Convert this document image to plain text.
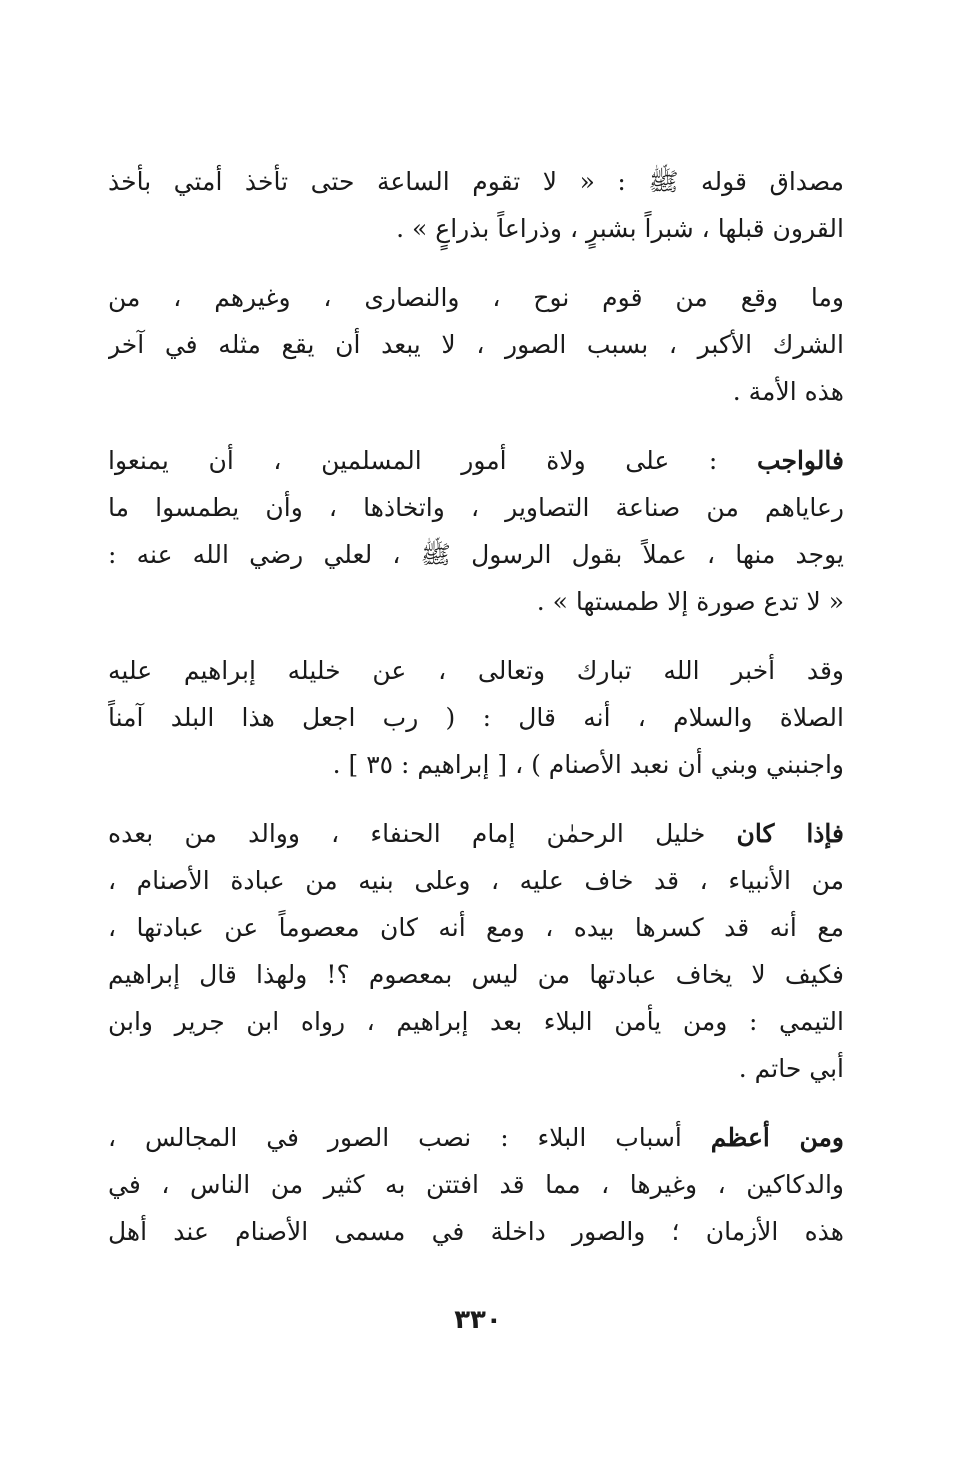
مصداق قوله ﷺ : « لا تقوم الساعة حتى تأخذ أمتي بأخذ
القرون قبلها ، شبراً بشبرٍ ، وذراعاً بذراعٍ » .

وما وقع من قوم نوح ، والنصارى ، وغيرهم ، من
الشرك الأكبر ، بسبب الصور ، لا يبعد أن يقع مثله في آخر
هذه الأمة .

فالواجب : على ولاة أمور المسلمين ، أن يمنعوا
رعاياهم من صناعة التصاوير ، واتخاذها ، وأن يطمسوا ما
يوجد منها ، عملاً بقول الرسول ﷺ ، لعلي رضي الله عنه :
« لا تدع صورة إلا طمستها » .

وقد أخبر الله تبارك وتعالى ، عن خليله إبراهيم عليه
الصلاة والسلام ، أنه قال : ( رب اجعل هذا البلد آمناً
واجنبني وبني أن نعبد الأصنام ) ، [ إبراهيم : ٣٥ ] .

فإذا كان خليل الرحمٰن إمام الحنفاء ، ووالد من بعده
من الأنبياء ، قد خاف عليه ، وعلى بنيه من عبادة الأصنام ،
مع أنه قد كسرها بيده ، ومع أنه كان معصوماً عن عبادتها ،
فكيف لا يخاف عبادتها من ليس بمعصوم ؟! ولهذا قال إبراهيم
التيمي : ومن يأمن البلاء بعد إبراهيم ، رواه ابن جرير وابن
أبي حاتم .

ومن أعظم أسباب البلاء : نصب الصور في المجالس ،
والدكاكين ، وغيرها ، مما قد افتتن به كثير من الناس ، في
هذه الأزمان ؛ والصور داخلة في مسمى الأصنام عند أهل

٣٣٠
